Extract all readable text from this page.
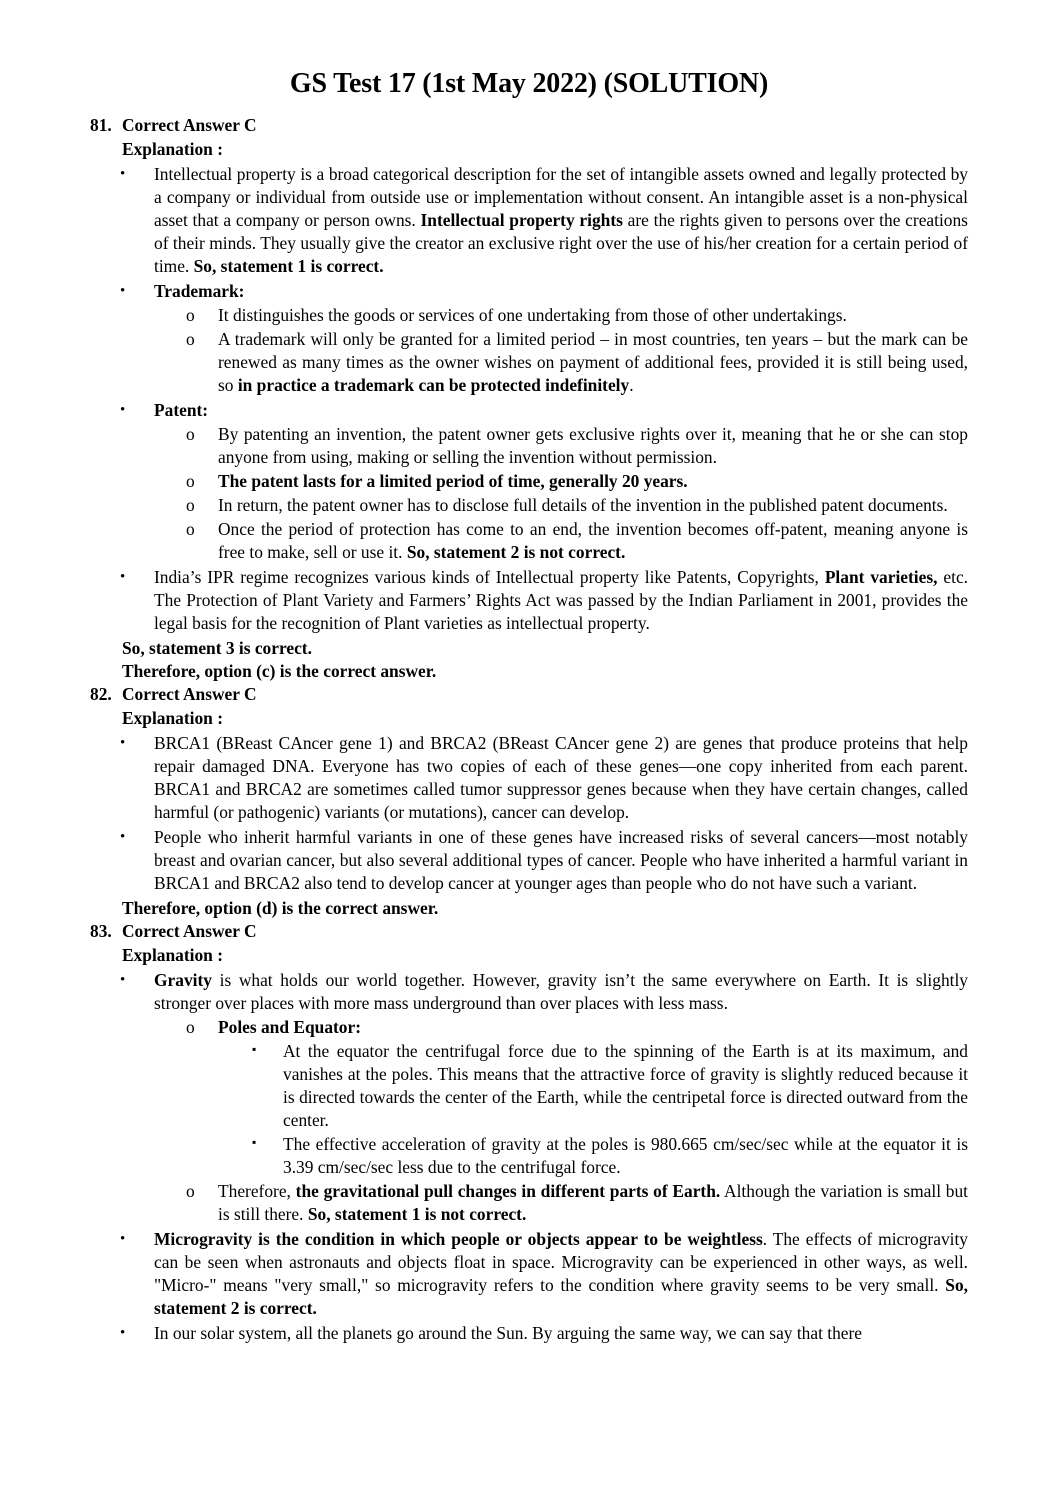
GS Test 17 (1st May 2022) (SOLUTION)
81. Correct Answer C
Explanation :
• Intellectual property is a broad categorical description for the set of intangible assets owned and legally protected by a company or individual from outside use or implementation without consent. An intangible asset is a non-physical asset that a company or person owns. Intellectual property rights are the rights given to persons over the creations of their minds. They usually give the creator an exclusive right over the use of his/her creation for a certain period of time. So, statement 1 is correct.
• Trademark:
o It distinguishes the goods or services of one undertaking from those of other undertakings.
o A trademark will only be granted for a limited period – in most countries, ten years – but the mark can be renewed as many times as the owner wishes on payment of additional fees, provided it is still being used, so in practice a trademark can be protected indefinitely.
• Patent:
o By patenting an invention, the patent owner gets exclusive rights over it, meaning that he or she can stop anyone from using, making or selling the invention without permission.
o The patent lasts for a limited period of time, generally 20 years.
o In return, the patent owner has to disclose full details of the invention in the published patent documents.
o Once the period of protection has come to an end, the invention becomes off-patent, meaning anyone is free to make, sell or use it. So, statement 2 is not correct.
• India’s IPR regime recognizes various kinds of Intellectual property like Patents, Copyrights, Plant varieties, etc. The Protection of Plant Variety and Farmers’ Rights Act was passed by the Indian Parliament in 2001, provides the legal basis for the recognition of Plant varieties as intellectual property.
So, statement 3 is correct.
Therefore, option (c) is the correct answer.
82. Correct Answer C
Explanation :
• BRCA1 (BReast CAncer gene 1) and BRCA2 (BReast CAncer gene 2) are genes that produce proteins that help repair damaged DNA. Everyone has two copies of each of these genes—one copy inherited from each parent. BRCA1 and BRCA2 are sometimes called tumor suppressor genes because when they have certain changes, called harmful (or pathogenic) variants (or mutations), cancer can develop.
• People who inherit harmful variants in one of these genes have increased risks of several cancers—most notably breast and ovarian cancer, but also several additional types of cancer. People who have inherited a harmful variant in BRCA1 and BRCA2 also tend to develop cancer at younger ages than people who do not have such a variant.
Therefore, option (d) is the correct answer.
83. Correct Answer C
Explanation :
• Gravity is what holds our world together. However, gravity isn’t the same everywhere on Earth. It is slightly stronger over places with more mass underground than over places with less mass.
o Poles and Equator:
▪ At the equator the centrifugal force due to the spinning of the Earth is at its maximum, and vanishes at the poles. This means that the attractive force of gravity is slightly reduced because it is directed towards the center of the Earth, while the centripetal force is directed outward from the center.
▪ The effective acceleration of gravity at the poles is 980.665 cm/sec/sec while at the equator it is 3.39 cm/sec/sec less due to the centrifugal force.
o Therefore, the gravitational pull changes in different parts of Earth. Although the variation is small but is still there. So, statement 1 is not correct.
• Microgravity is the condition in which people or objects appear to be weightless. The effects of microgravity can be seen when astronauts and objects float in space. Microgravity can be experienced in other ways, as well. "Micro-" means "very small," so microgravity refers to the condition where gravity seems to be very small. So, statement 2 is correct.
• In our solar system, all the planets go around the Sun. By arguing the same way, we can say that there
